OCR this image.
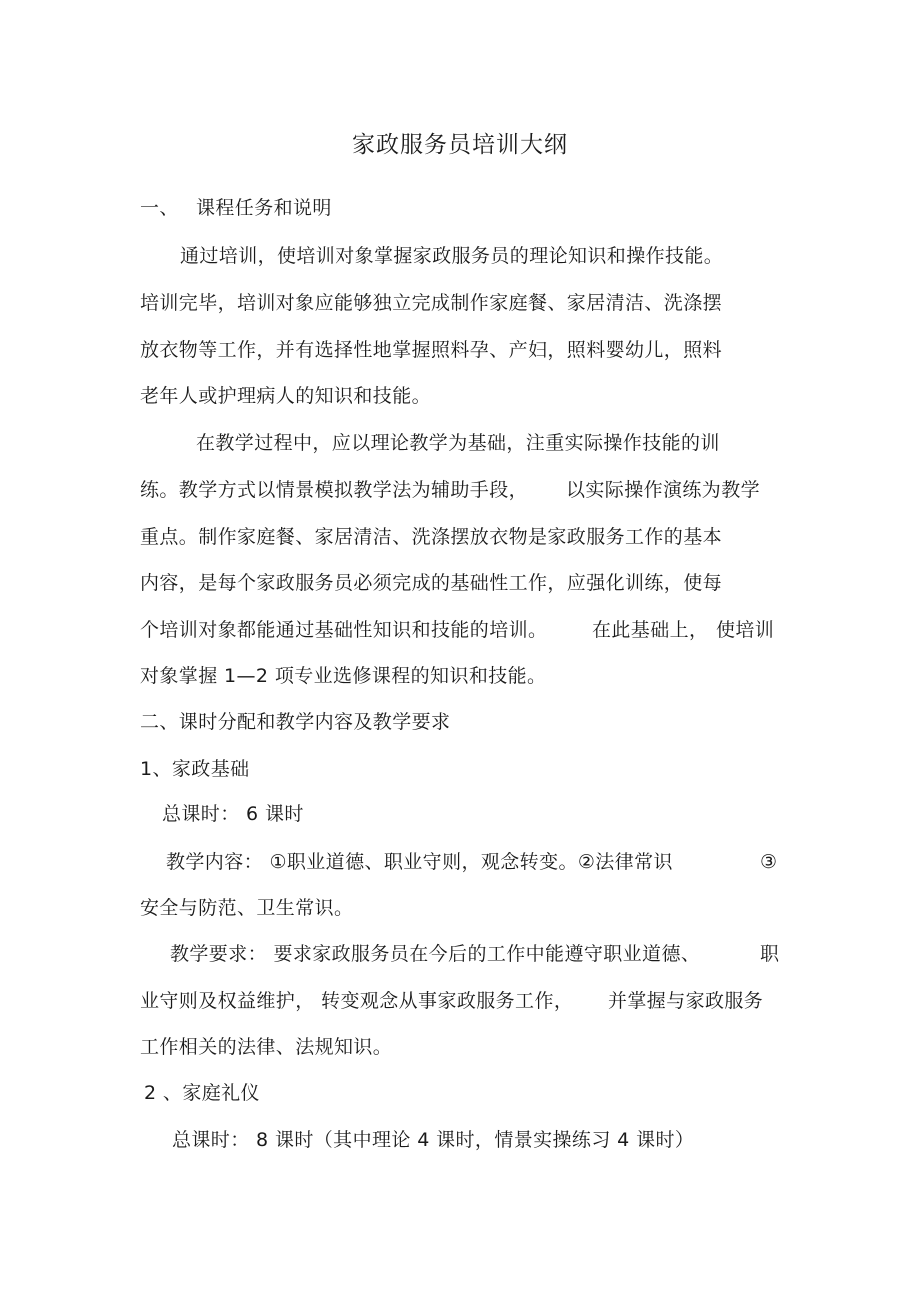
家政服务员培训大纲
一、 课程任务和说明
通过培训，使培训对象掌握家政服务员的理论知识和操作技能。
培训完毕，培训对象应能够独立完成制作家庭餐、家居清洁、洗涤摆
放衣物等工作，并有选择性地掌握照料孕、产妇，照料婴幼儿，照料
老年人或护理病人的知识和技能。
在教学过程中，应以理论教学为基础，注重实际操作技能的训
练。教学方式以情景模拟教学法为辅助手段， 以实际操作演练为教学
重点。制作家庭餐、家居清洁、洗涤摆放衣物是家政服务工作的基本
内容，是每个家政服务员必须完成的基础性工作，应强化训练，使每
个培训对象都能通过基础性知识和技能的培训。 在此基础上， 使培训
对象掌握 1—2 项专业选修课程的知识和技能。
二、课时分配和教学内容及教学要求
1、家政基础
总课时： 6 课时
教学内容： ①职业道德、职业守则，观念转变。②法律常识	③
安全与防范、卫生常识。
教学要求： 要求家政服务员在今后的工作中能遵守职业道德、	职
业守则及权益维护， 转变观念从事家政服务工作， 并掌握与家政服务
工作相关的法律、法规知识。
2 、家庭礼仪
总课时： 8 课时（其中理论 4 课时，情景实操练习 4 课时）
